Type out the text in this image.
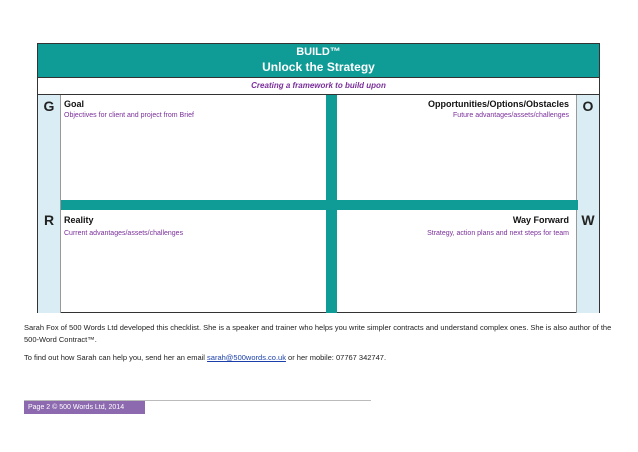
BUILD™
Unlock the Strategy
Creating a framework to build upon
G
R
O
W
Goal
Objectives for client and project from Brief
Opportunities/Options/Obstacles
Future advantages/assets/challenges
Reality
Current advantages/assets/challenges
Way Forward
Strategy, action plans and next steps for team
Sarah Fox of 500 Words Ltd developed this checklist. She is a speaker and trainer who helps you write simpler contracts and understand complex ones. She is also author of the 500-Word Contract™.
To find out how Sarah can help you, send her an email sarah@500words.co.uk or her mobile: 07767 342747.
Page 2 © 500 Words Ltd, 2014
